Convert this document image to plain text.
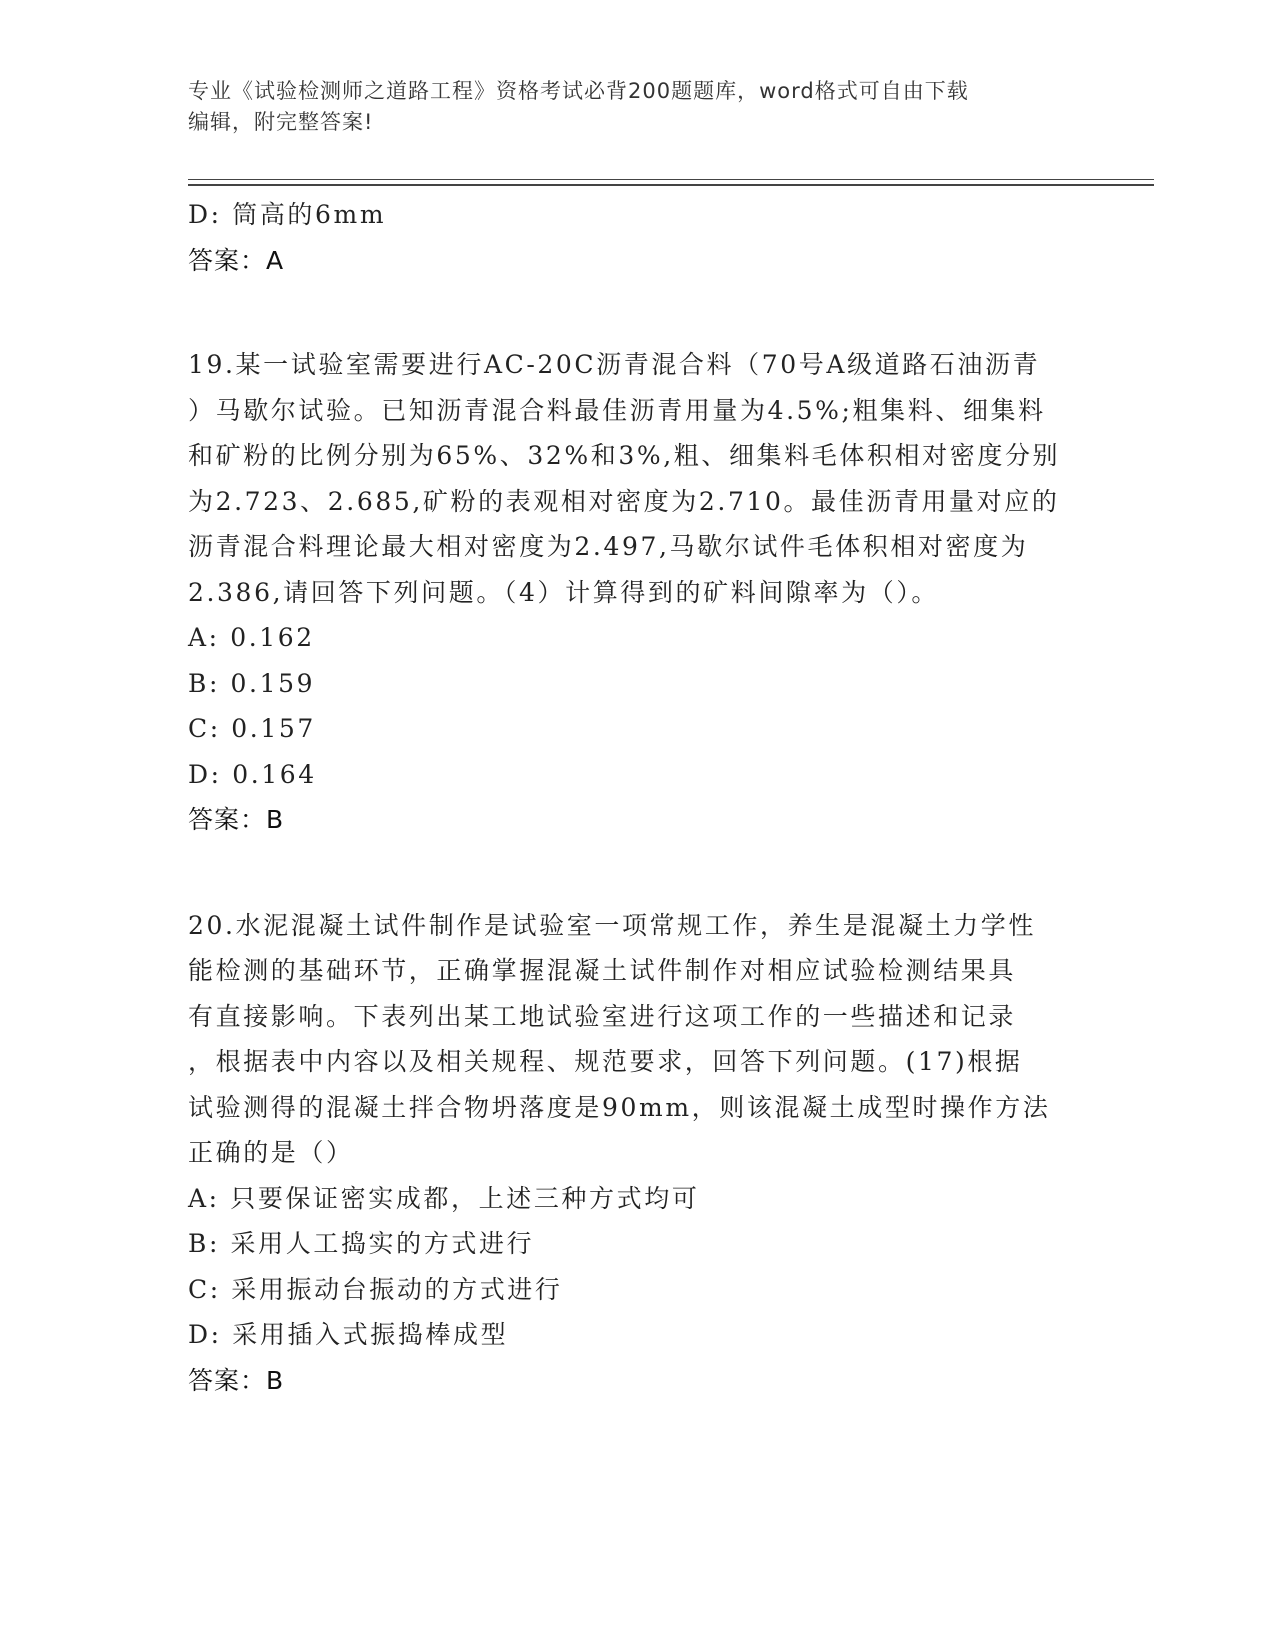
专业《试验检测师之道路工程》资格考试必背200题题库，word格式可自由下载
编辑，附完整答案!
D: 筒高的6mm
答案：A
19.某一试验室需要进行AC-20C沥青混合料（70号A级道路石油沥青
）马歇尔试验。已知沥青混合料最佳沥青用量为4.5%;粗集料、细集料
和矿粉的比例分别为65%、32%和3%,粗、细集料毛体积相对密度分别
为2.723、2.685,矿粉的表观相对密度为2.710。最佳沥青用量对应的
沥青混合料理论最大相对密度为2.497,马歇尔试件毛体积相对密度为
2.386,请回答下列问题。（4）计算得到的矿料间隙率为（）。
A: 0.162
B: 0.159
C: 0.157
D: 0.164
答案：B
20.水泥混凝土试件制作是试验室一项常规工作，养生是混凝土力学性
能检测的基础环节，正确掌握混凝土试件制作对相应试验检测结果具
有直接影响。下表列出某工地试验室进行这项工作的一些描述和记录
，根据表中内容以及相关规程、规范要求，回答下列问题。(17)根据
试验测得的混凝土拌合物坍落度是90mm，则该混凝土成型时操作方法
正确的是（）
A: 只要保证密实成都，上述三种方式均可
B: 采用人工捣实的方式进行
C: 采用振动台振动的方式进行
D: 采用插入式振捣棒成型
答案：B
